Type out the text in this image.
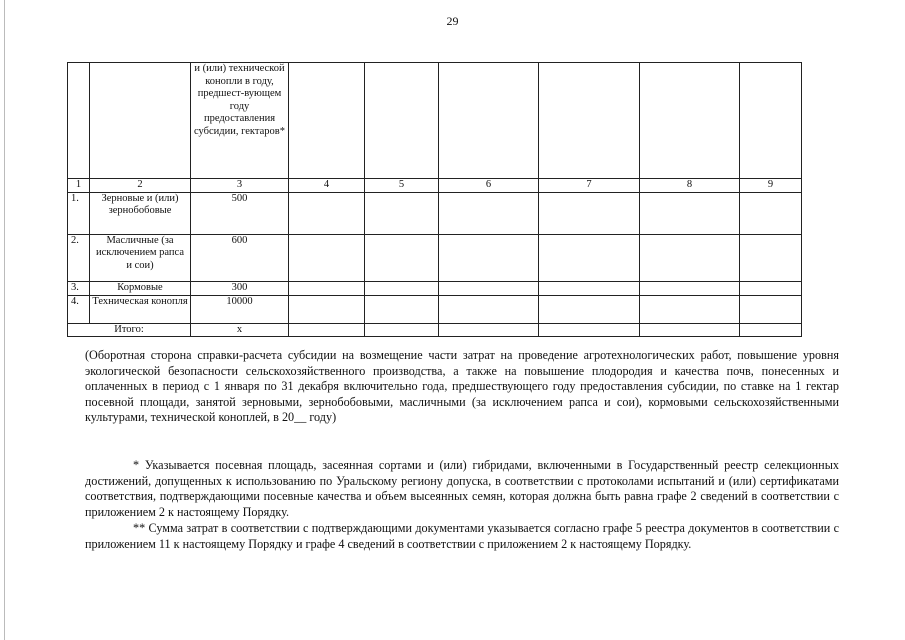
29
		и (или) технической конопли в году, предшест-вующем году предоставления субсидии, гектаров*						
1	2	3	4	5	6	7	8	9
1.	Зерновые и (или) зернобобовые	500						
2.	Масличные (за исключением рапса и сои)	600						
3.	Кормовые	300						
4.	Техническая конопля	10000						
Итого:		х						

(Оборотная сторона справки-расчета субсидии на возмещение части затрат на проведение агротехнологических работ, повышение уровня экологической безопасности сельскохозяйственного производства, а также на повышение плодородия и качества почв, понесенных и оплаченных в период с 1 января по 31 декабря включительно года, предшествующего году предоставления субсидии, по ставке на 1 гектар посевной площади, занятой зерновыми, зернобобовыми, масличными (за исключением рапса и сои), кормовыми сельскохозяйственными культурами, технической коноплей, в 20__ году)

* Указывается посевная площадь, засеянная сортами и (или) гибридами, включенными в Государственный реестр селекционных достижений, допущенных к использованию по Уральскому региону допуска, в соответствии с протоколами испытаний и (или) сертификатами соответствия, подтверждающими посевные качества и объем высеянных семян, которая должна быть равна графе 2 сведений в соответствии с приложением 2 к настоящему Порядку.

** Сумма затрат в соответствии с подтверждающими документами указывается согласно графе 5 реестра документов в соответствии с приложением 11 к настоящему Порядку и графе 4 сведений в соответствии с приложением 2 к настоящему Порядку.
